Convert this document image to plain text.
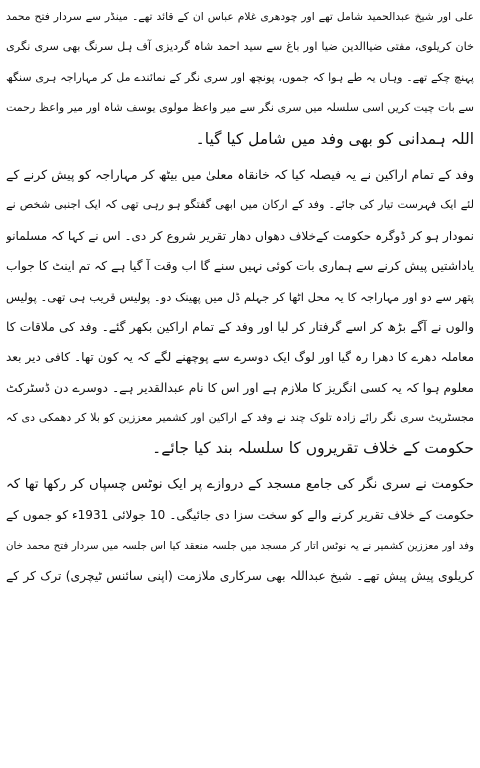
علی اور شیخ عبدالحمید شامل تھے اور چودھری غلام عباس ان کے قائد تھے۔ مینڈر سے سردار فتح محمد
خان کریلوی، مفتی ضیاالدین ضیا اور باغ سے سید احمد شاہ گردیزی آف ہل سرنگ بھی سری نگری
پہنچ چکے تھے۔ وہاں یہ طے ہوا کہ جموں، پونچھ اور سری نگر کے نمائندے مل کر مہاراجہ ہری سنگھ
سے بات چیت کریں اسی سلسلہ میں سری نگر سے میر واعظ مولوی یوسف شاہ اور میر واعظ رحمت
اللہ ہمدانی کو بھی وفد میں شامل کیا گیا۔
وفد کے تمام اراکین نے یہ فیصلہ کیا کہ خانقاہ معلیٰ میں بیٹھ کر مہاراجہ کو پیش کرنے کے
لئے ایک فہرست تیار کی جائے۔ وفد کے ارکان میں ابھی گفتگو ہو رہی تھی کہ ایک اجنبی شخص نے
نمودار ہو کر ڈوگرہ حکومت کےخلاف دھواں دھار تقریر شروع کر دی۔ اس نے کہا کہ مسلمانو
یاداشتیں پیش کرنے سے ہماری بات کوئی نہیں سنے گا اب وقت آ گیا ہے کہ تم اینٹ کا جواب
پتھر سے دو اور مہاراجہ کا یہ محل اٹھا کر جہلم ڈل میں پھینک دو۔ پولیس قریب ہی تھی۔ پولیس
والوں نے آگے بڑھ کر اسے گرفتار کر لیا اور وفد کے تمام اراکین بکھر گئے۔ وفد کی ملاقات کا
معاملہ دھرے کا دھرا رہ گیا اور لوگ ایک دوسرے سے پوچھنے لگے کہ یہ کون تھا۔ کافی دیر بعد
معلوم ہوا کہ یہ کسی انگریز کا ملازم ہے اور اس کا نام عبدالقدیر ہے۔ دوسرے دن ڈسٹرکٹ
مجسٹریٹ سری نگر رائے زادہ تلوک چند نے وفد کے اراکین اور کشمیر معززین کو بلا کر دھمکی دی کہ
حکومت کے خلاف تقریروں کا سلسلہ بند کیا جائے۔
حکومت نے سری نگر کی جامع مسجد کے دروازے پر ایک نوٹس چسپاں کر رکھا تھا کہ
حکومت کے خلاف تقریر کرنے والے کو سخت سزا دی جائیگی۔ 10 جولائی 1931ء کو جموں کے
وفد اور معززین کشمیر نے یہ نوٹس اتار کر مسجد میں جلسہ منعقد کیا اس جلسہ میں سردار فتح محمد خان
کریلوی پیش پیش تھے۔ شیخ عبداللہ بھی سرکاری ملازمت (اپنی سائنس ٹیچری) ترک کر کے
